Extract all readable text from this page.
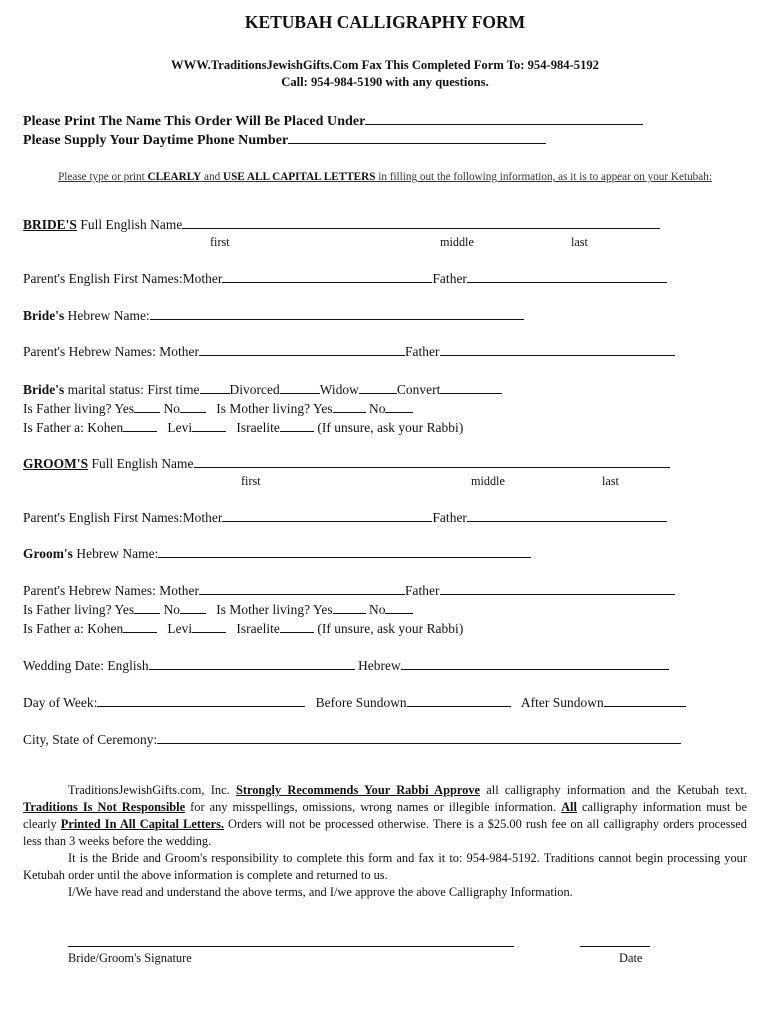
KETUBAH CALLIGRAPHY FORM
WWW.TraditionsJewishGifts.Com Fax This Completed Form To: 954-984-5192
Call: 954-984-5190 with any questions.
Please Print The Name This Order Will Be Placed Under
Please Supply Your Daytime Phone Number
Please type or print CLEARLY and USE ALL CAPITAL LETTERS in filling out the following information, as it is to appear on your Ketubah:
BRIDE'S Full English Name
first	middle	last
Parent's English First Names:Mother	Father
Bride's Hebrew Name:
Parent's Hebrew Names: Mother	Father
Bride's marital status: First time Divorced	Widow	Convert
Is Father living? Yes No	Is Mother living? Yes	No
Is Father a: Kohen	Levi	Israelite	(If unsure, ask your Rabbi)
GROOM'S Full English Name
first	middle	last
Parent's English First Names:Mother	Father
Groom's Hebrew Name:
Parent's Hebrew Names: Mother	Father
Is Father living? Yes No	Is Mother living? Yes	No
Is Father a: Kohen	Levi	Israelite	(If unsure, ask your Rabbi)
Wedding Date: English	Hebrew
Day of Week:	Before Sundown	After Sundown
City, State of Ceremony:

TraditionsJewishGifts.com, Inc. Strongly Recommends Your Rabbi Approve all calligraphy information and the Ketubah text. Traditions Is Not Responsible for any misspellings, omissions, wrong names or illegible information. All calligraphy information must be clearly Printed In All Capital Letters. Orders will not be processed otherwise. There is a $25.00 rush fee on all calligraphy orders processed less than 3 weeks before the wedding.

It is the Bride and Groom's responsibility to complete this form and fax it to: 954-984-5192. Traditions cannot begin processing your Ketubah order until the above information is complete and returned to us.

I/We have read and understand the above terms, and I/we approve the above Calligraphy Information.

Bride/Groom's Signature	Date
